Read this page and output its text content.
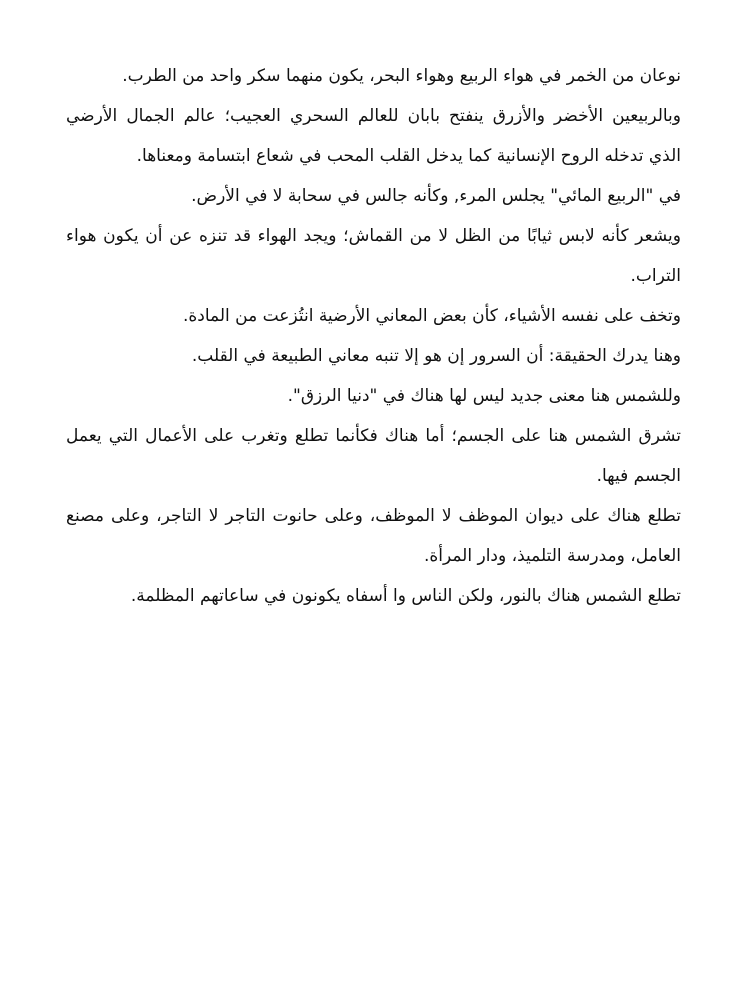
نوعان من الخمر في هواء الربيع وهواء البحر، يكون منهما سكر واحد من الطرب.

وبالربيعين الأخضر والأزرق ينفتح بابان للعالم السحري العجيب؛ عالم الجمال الأرضي الذي تدخله الروح الإنسانية كما يدخل القلب المحب في شعاع ابتسامة ومعناها.

في "الربيع المائي" يجلس المرء, وكأنه جالس في سحابة لا في الأرض.

ويشعر كأنه لابس ثيابًا من الظل لا من القماش؛ ويجد الهواء قد تنزه عن أن يكون هواء التراب.

وتخف على نفسه الأشياء، كأن بعض المعاني الأرضية انتُزعت من المادة.

وهنا يدرك الحقيقة: أن السرور إن هو إلا تنبه معاني الطبيعة في القلب.

وللشمس هنا معنى جديد ليس لها هناك في "دنيا الرزق".

تشرق الشمس هنا على الجسم؛ أما هناك فكأنما تطلع وتغرب على الأعمال التي يعمل الجسم فيها.

تطلع هناك على ديوان الموظف لا الموظف، وعلى حانوت التاجر لا التاجر، وعلى مصنع العامل، ومدرسة التلميذ، ودار المرأة.

تطلع الشمس هناك بالنور، ولكن الناس وا أسفاه يكونون في ساعاتهم المظلمة.
